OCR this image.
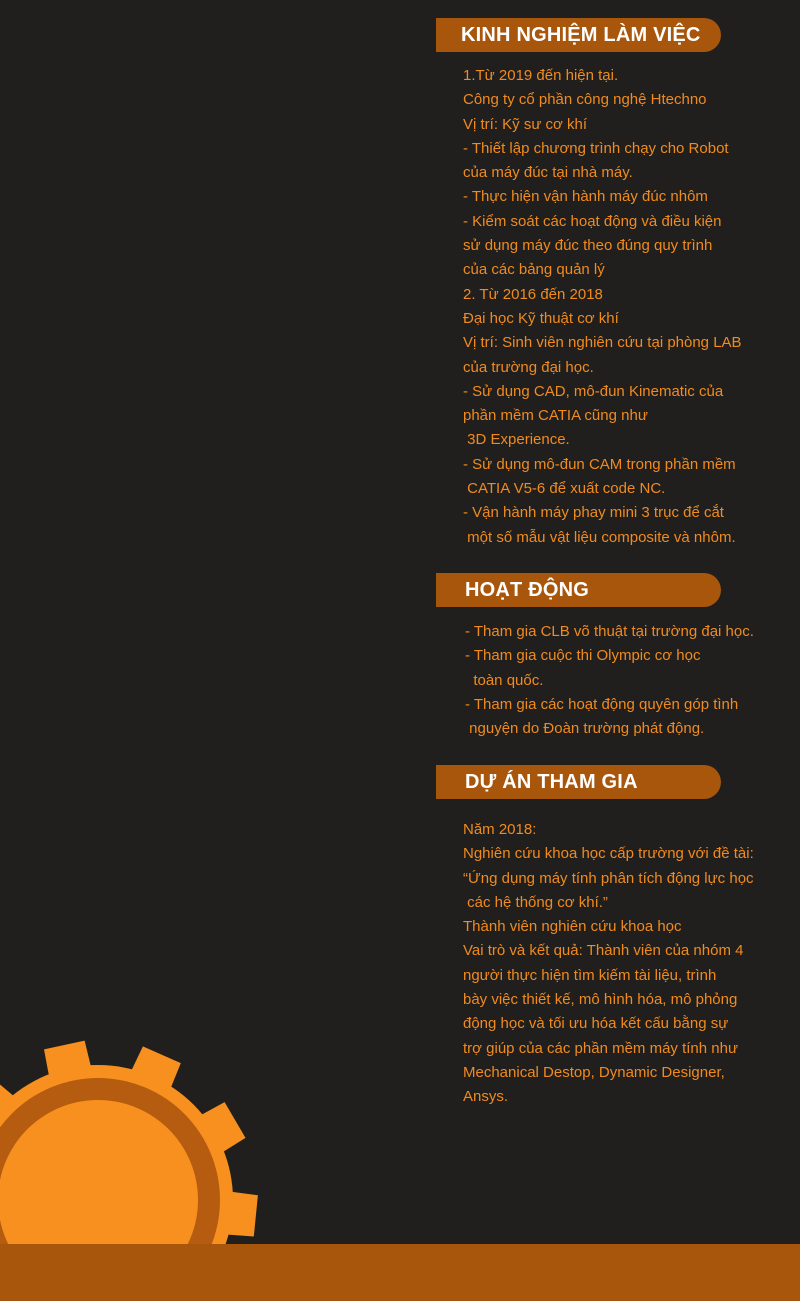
KINH NGHIỆM LÀM VIỆC
1.Từ 2019 đến hiện tại.
Công ty cổ phần công nghệ Htechno
Vị trí: Kỹ sư cơ khí
- Thiết lập chương trình chạy cho Robot
của máy đúc tại nhà máy.
- Thực hiện vận hành máy đúc nhôm
- Kiểm soát các hoạt động và điều kiện
sử dụng máy đúc theo đúng quy trình
của các bảng quản lý
2. Từ 2016 đến 2018
Đại học Kỹ thuật cơ khí
Vị trí: Sinh viên nghiên cứu tại phòng LAB
của trường đại học.
- Sử dụng CAD, mô-đun Kinematic của
phần mềm CATIA cũng như
3D Experience.
- Sử dụng mô-đun CAM trong phần mềm
CATIA V5-6 để xuất code NC.
- Vận hành máy phay mini 3 trục để cắt
một số mẫu vật liệu composite và nhôm.
HOẠT ĐỘNG
- Tham gia CLB võ thuật tại trường đại học.
- Tham gia cuộc thi Olympic cơ học
toàn quốc.
- Tham gia các hoạt động quyên góp tình
nguyện do Đoàn trường phát động.
DỰ ÁN THAM GIA
Năm 2018:
Nghiên cứu khoa học cấp trường với đề tài:
“Ứng dụng máy tính phân tích động lực học
các hệ thống cơ khí.”
Thành viên nghiên cứu khoa học
Vai trò và kết quả: Thành viên của nhóm 4
người thực hiện tìm kiếm tài liệu, trình
bày việc thiết kế, mô hình hóa, mô phỏng
động học và tối ưu hóa kết cấu bằng sự
trợ giúp của các phần mềm máy tính như
Mechanical Destop, Dynamic Designer,
Ansys.
